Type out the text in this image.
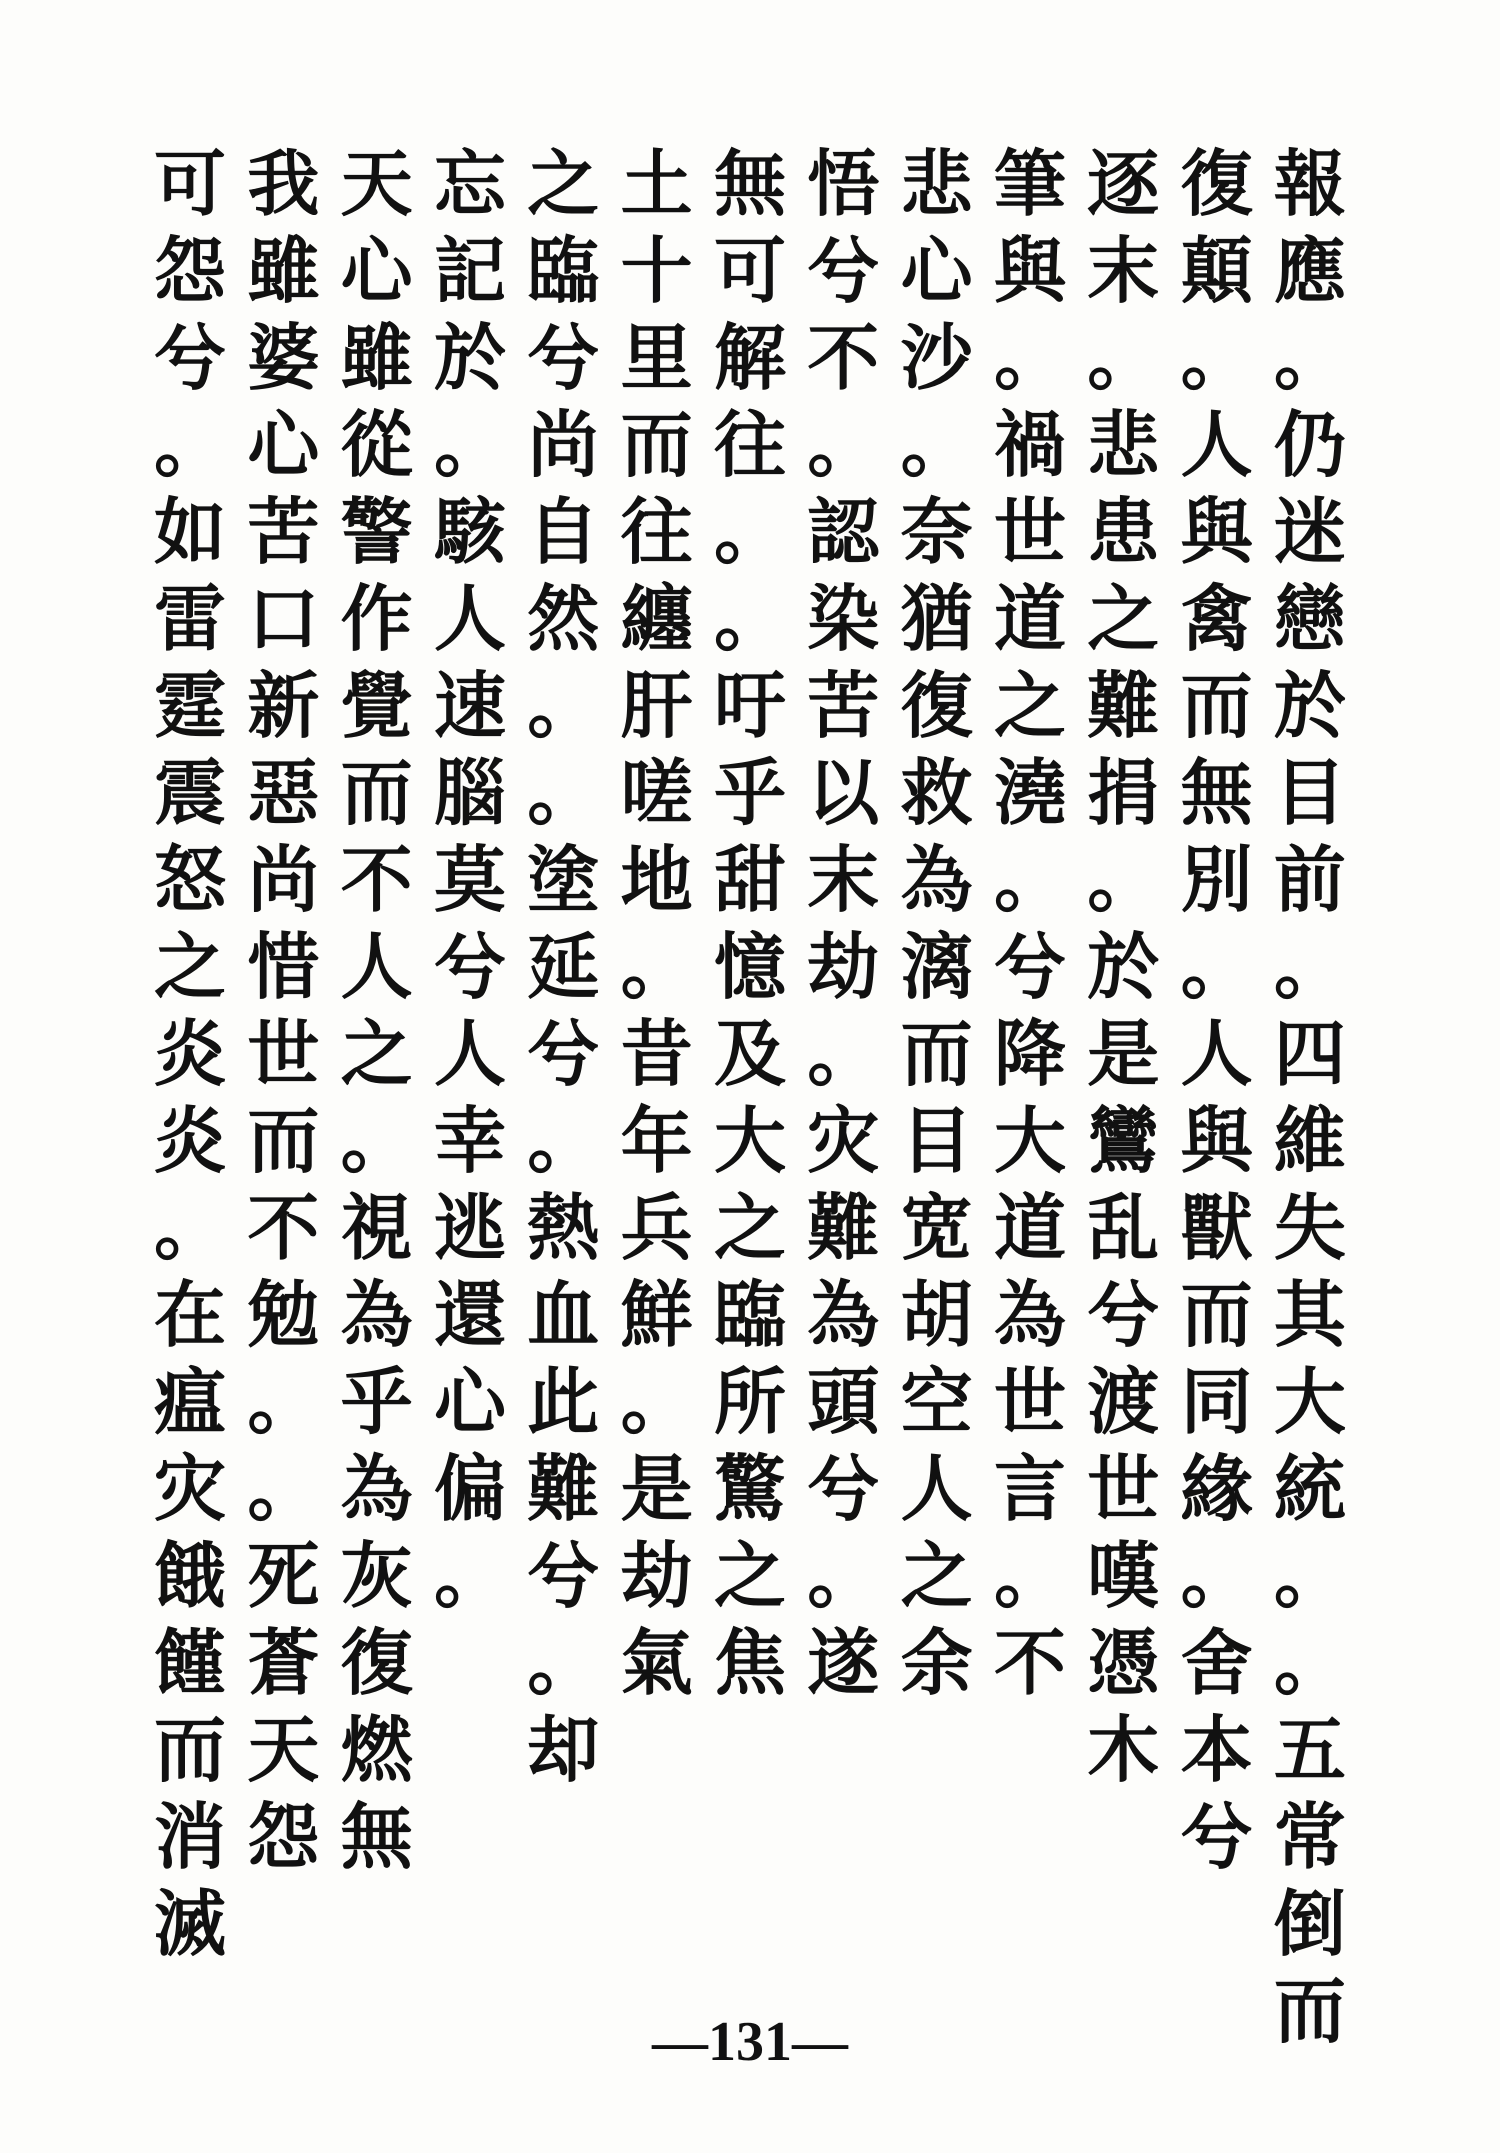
報
應
。
仍
迷
戀
於
目
前
。
四
維
失
其
大
統
。
。
五
常
倒
而
復
顛
。
人
與
禽
而
無
別
。
人
與
獸
而
同
緣
。
舍
本
兮
逐
末
。
悲
患
之
難
捐
。
於
是
鸞
乱
兮
渡
世
嘆
憑
木
筆
與
。
禍
世
道
之
澆
。
兮
降
大
道
為
世
言
。
不
悲
心
沙
。
奈
猶
復
救
為
漓
而
目
宽
胡
空
人
之
余
悟
兮
不
。
認
染
苦
以
末
劫
。
灾
難
為
頭
兮
。
遂
無
可
解
往
。
。
吁
乎
甜
憶
及
大
之
臨
所
驚
之
焦
土
十
里
而
往
纏
肝
嗟
地
。
昔
年
兵
鮮
。
是
劫
氣
之
臨
兮
尚
自
然
。
。
塗
延
兮
。
熱
血
此
難
兮
。
却
忘
記
於
。
駭
人
速
腦
莫
兮
人
幸
逃
還
心
偏
。
天
心
雖
從
警
作
覺
而
不
人
之
。
視
為
乎
為
灰
復
燃
無
我
雖
婆
心
苦
口
新
惡
尚
惜
世
而
不
勉
。
。
死
蒼
天
怨
可
怨
兮
。
如
雷
霆
震
怒
之
炎
炎
。
在
瘟
灾
餓
饉
而
消
滅
—131—
